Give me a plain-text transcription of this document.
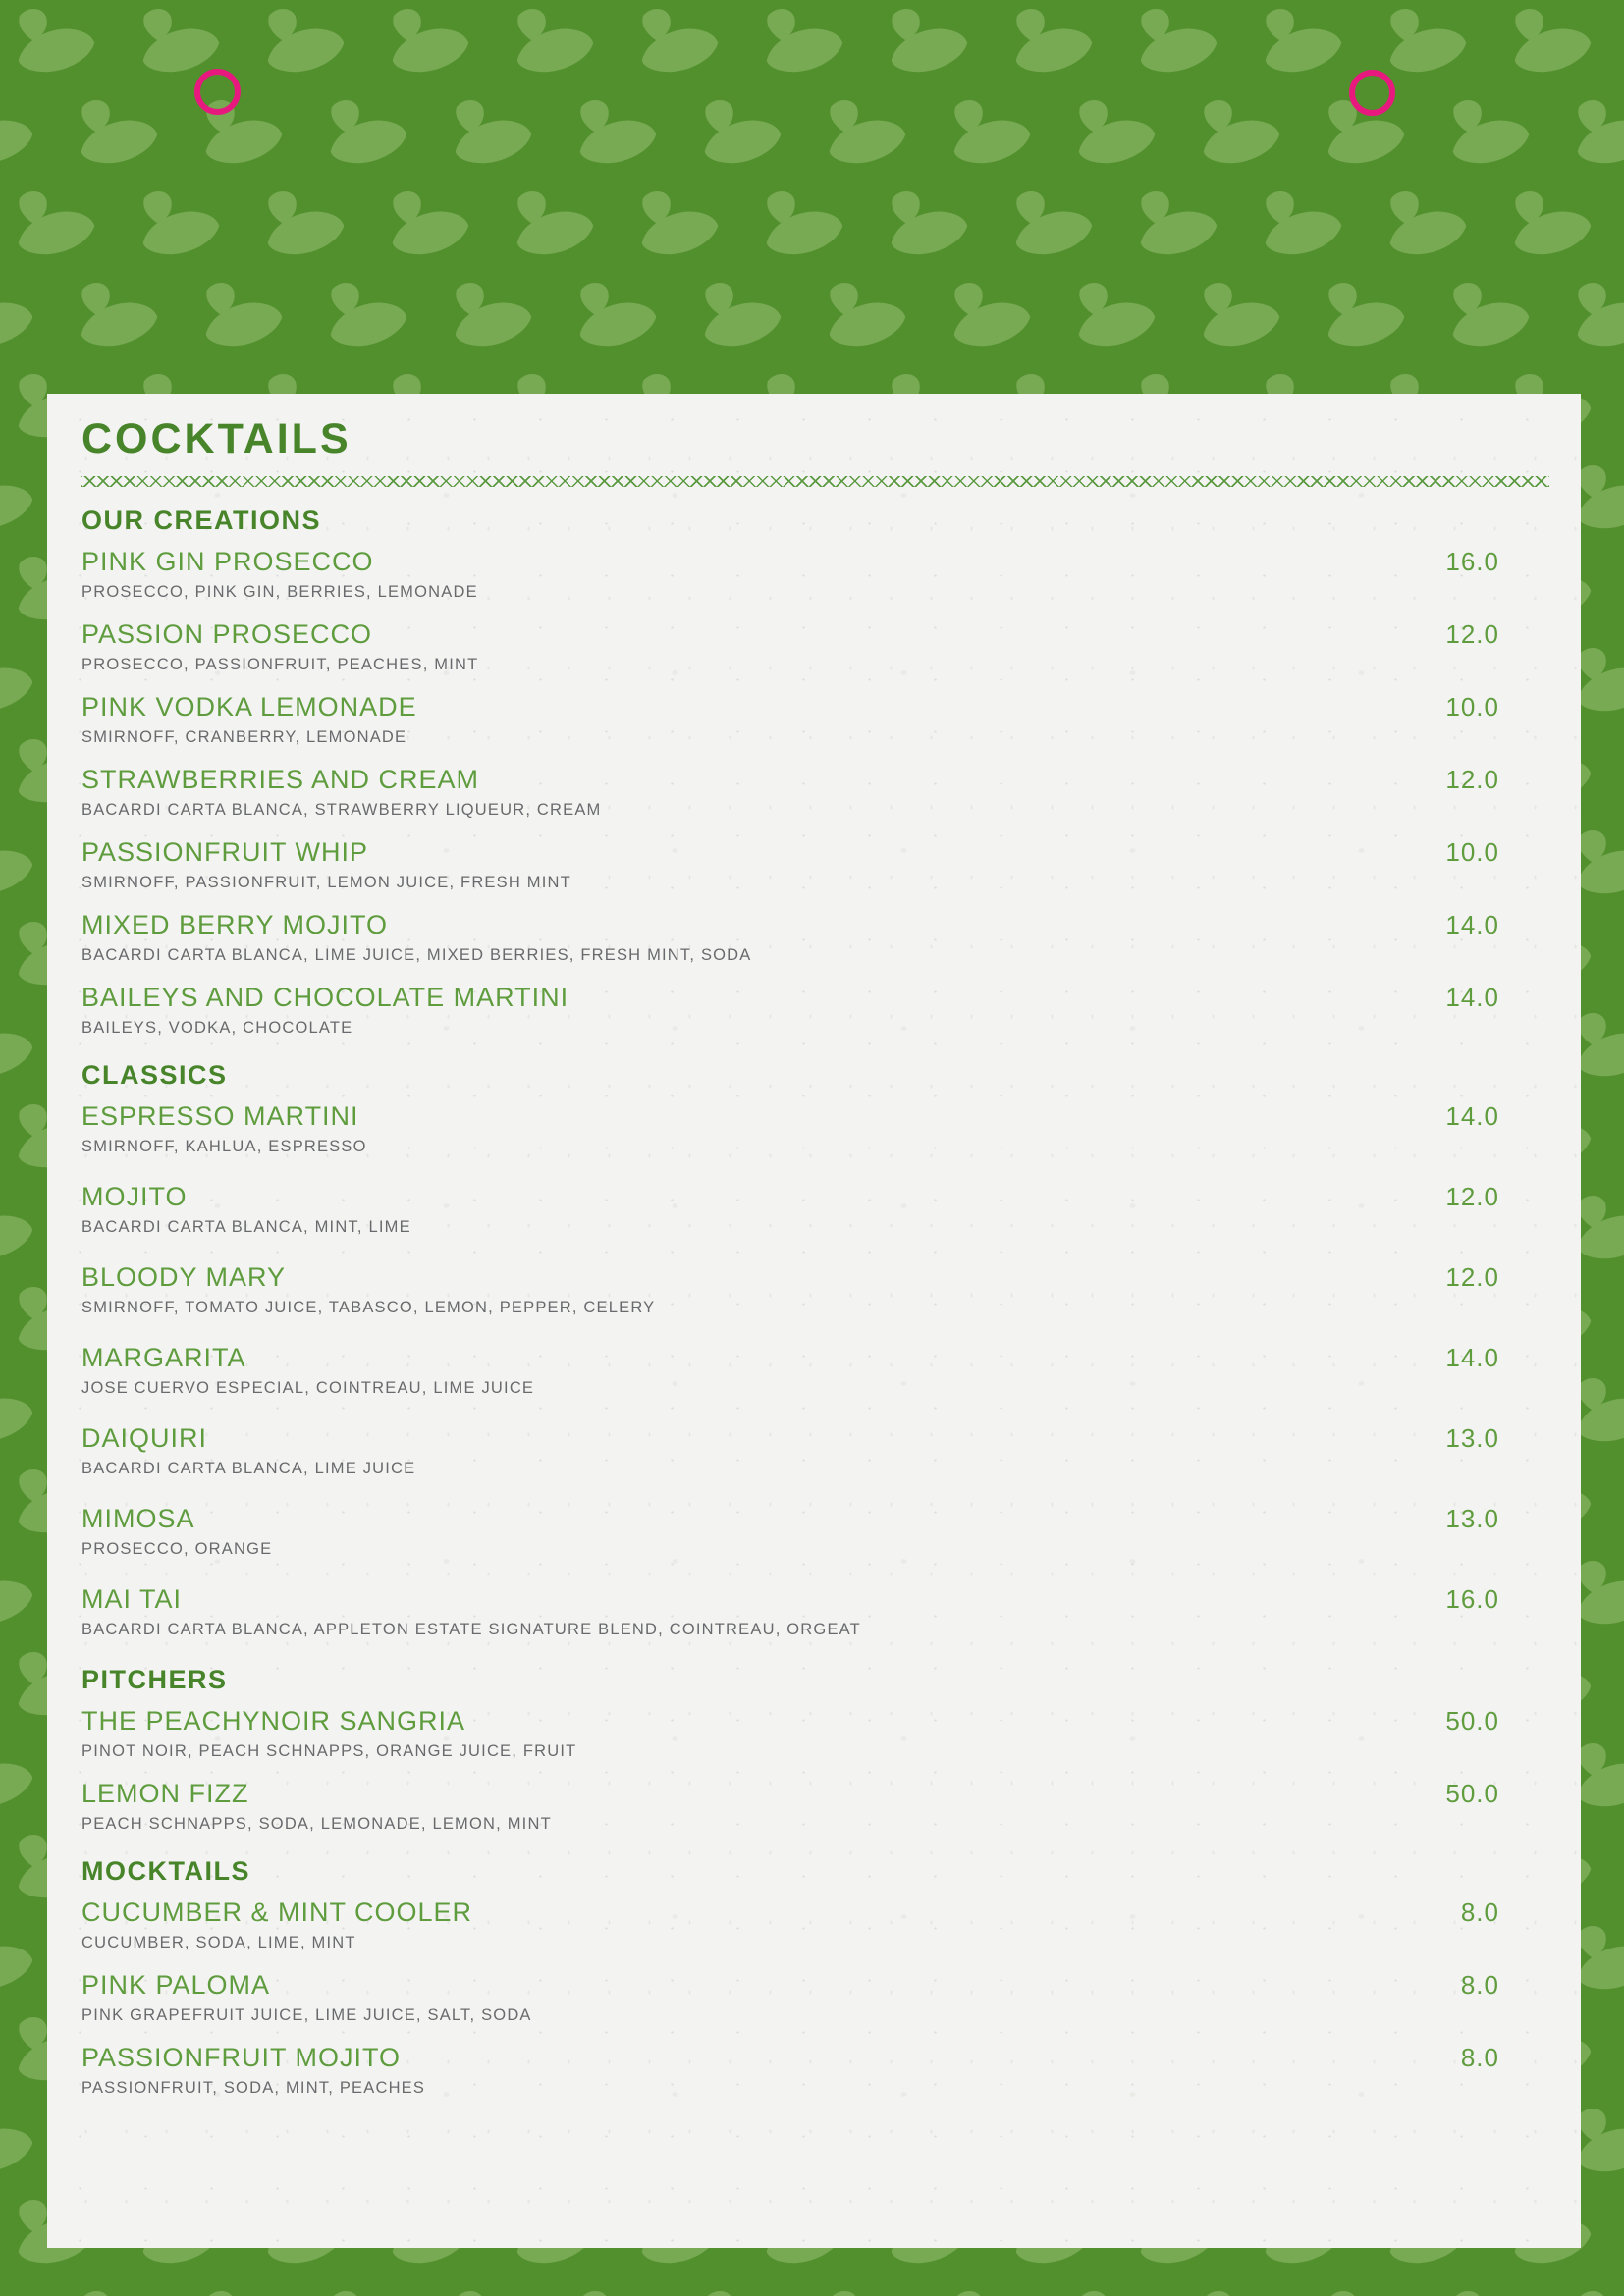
COCKTAILS
OUR CREATIONS
PINK GIN PROSECCO
PROSECCO, PINK GIN, BERRIES, LEMONADE
16.0
PASSION PROSECCO
PROSECCO, PASSIONFRUIT, PEACHES, MINT
12.0
PINK VODKA LEMONADE
SMIRNOFF, CRANBERRY, LEMONADE
10.0
STRAWBERRIES AND CREAM
BACARDI CARTA BLANCA, STRAWBERRY LIQUEUR, CREAM
12.0
PASSIONFRUIT WHIP
SMIRNOFF, PASSIONFRUIT, LEMON JUICE, FRESH MINT
10.0
MIXED BERRY MOJITO
BACARDI CARTA BLANCA, LIME JUICE, MIXED BERRIES, FRESH MINT, SODA
14.0
BAILEYS AND CHOCOLATE MARTINI
BAILEYS, VODKA, CHOCOLATE
14.0
CLASSICS
ESPRESSO MARTINI
SMIRNOFF, KAHLUA, ESPRESSO
14.0
MOJITO
BACARDI CARTA BLANCA, MINT, LIME
12.0
BLOODY MARY
SMIRNOFF, TOMATO JUICE, TABASCO, LEMON, PEPPER, CELERY
12.0
MARGARITA
JOSE CUERVO ESPECIAL, COINTREAU, LIME JUICE
14.0
DAIQUIRI
BACARDI CARTA BLANCA, LIME JUICE
13.0
MIMOSA
PROSECCO, ORANGE
13.0
MAI TAI
BACARDI CARTA BLANCA, APPLETON ESTATE SIGNATURE BLEND, COINTREAU, ORGEAT
16.0
PITCHERS
THE PEACHYNOIR SANGRIA
PINOT NOIR, PEACH SCHNAPPS, ORANGE JUICE, FRUIT
50.0
LEMON FIZZ
PEACH SCHNAPPS, SODA, LEMONADE, LEMON, MINT
50.0
MOCKTAILS
CUCUMBER & MINT COOLER
CUCUMBER, SODA, LIME, MINT
8.0
PINK PALOMA
PINK GRAPEFRUIT JUICE, LIME JUICE, SALT, SODA
8.0
PASSIONFRUIT MOJITO
PASSIONFRUIT, SODA, MINT, PEACHES
8.0
